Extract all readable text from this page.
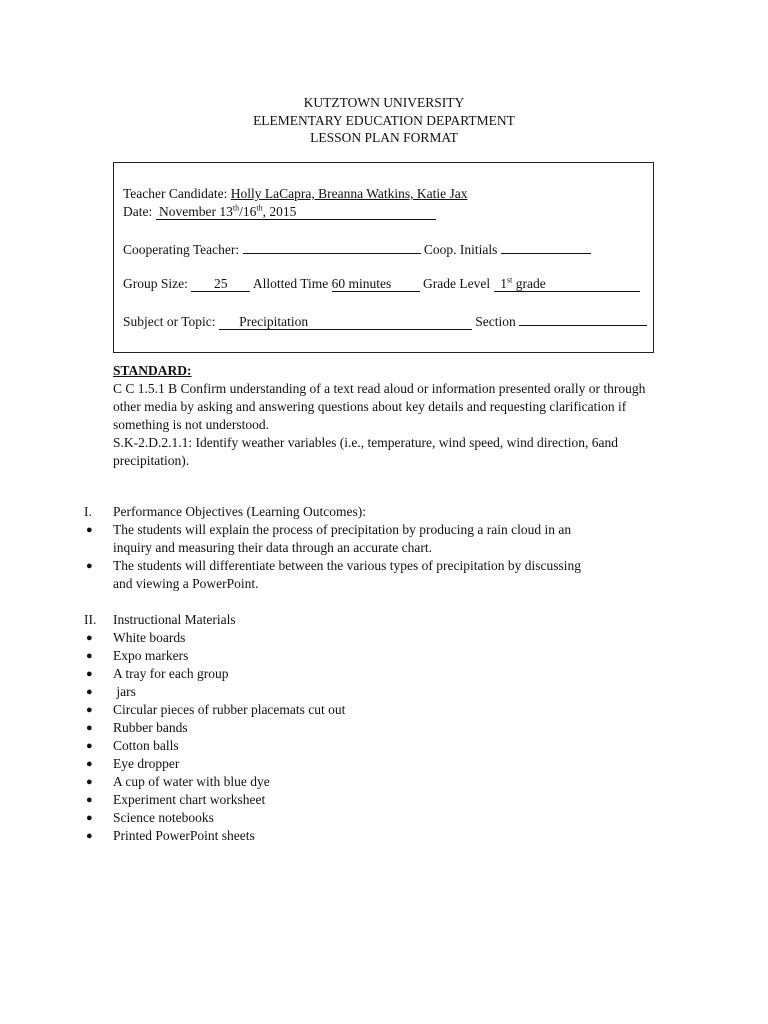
KUTZTOWN UNIVERSITY
ELEMENTARY EDUCATION DEPARTMENT
LESSON PLAN FORMAT
Teacher Candidate: Holly LaCapra, Breanna Watkins, Katie Jax
Date:  November 13th/16th, 2015
Cooperating Teacher:	Coop. Initials
Group Size: 25 Allotted Time 60 minutes Grade Level   1st grade
Subject or Topic:       Precipitation	Section
STANDARD:

C C 1.5.1 B Confirm understanding of a text read aloud or information presented orally or through other media by asking and answering questions about key details and requesting clarification if something is not understood.

S.K-2.D.2.1.1: Identify weather variables (i.e., temperature, wind speed, wind direction, 6and precipitation).

I. Performance Objectives (Learning Outcomes):
● The students will explain the process of precipitation by producing a rain cloud in an
inquiry and measuring their data through an accurate chart.
● The students will differentiate between the various types of precipitation by discussing
and viewing a PowerPoint.
II. Instructional Materials
● White boards
● Expo markers
● A tray for each group
● jars
● Circular pieces of rubber placemats cut out
● Rubber bands
● Cotton balls
● Eye dropper
● A cup of water with blue dye
● Experiment chart worksheet
● Science notebooks
● Printed PowerPoint sheets
